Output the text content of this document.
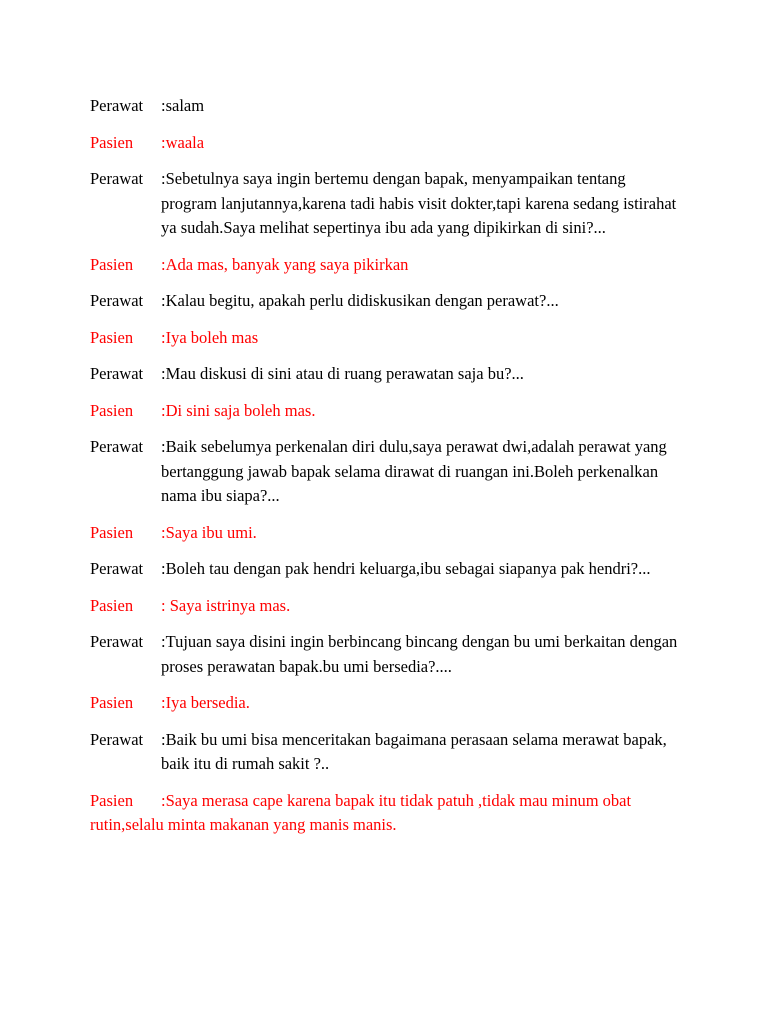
Perawat	:salam
Pasien	:waala
Perawat	:Sebetulnya saya ingin bertemu dengan bapak, menyampaikan tentang program lanjutannya,karena tadi habis visit dokter,tapi karena sedang istirahat ya sudah.Saya melihat sepertinya ibu ada yang dipikirkan di sini?...
Pasien	:Ada mas, banyak yang saya pikirkan
Perawat	:Kalau begitu, apakah perlu didiskusikan dengan perawat?...
Pasien	:Iya boleh mas
Perawat	:Mau diskusi di sini atau di ruang perawatan saja bu?...
Pasien	:Di sini saja boleh mas.
Perawat	:Baik sebelumya perkenalan diri dulu,saya perawat dwi,adalah perawat yang bertanggung jawab bapak selama dirawat di ruangan ini.Boleh perkenalkan nama ibu siapa?...
Pasien	:Saya ibu umi.
Perawat	:Boleh tau dengan pak hendri keluarga,ibu sebagai siapanya pak hendri?...
Pasien	: Saya istrinya mas.
Perawat	:Tujuan saya disini ingin berbincang bincang dengan bu umi berkaitan dengan proses perawatan bapak.bu umi bersedia?....
Pasien	:Iya bersedia.
Perawat	:Baik bu umi bisa menceritakan bagaimana perasaan selama merawat bapak, baik itu di rumah sakit ?..
Pasien :Saya merasa cape karena bapak itu tidak patuh ,tidak mau minum obat rutin,selalu minta makanan yang manis manis.
